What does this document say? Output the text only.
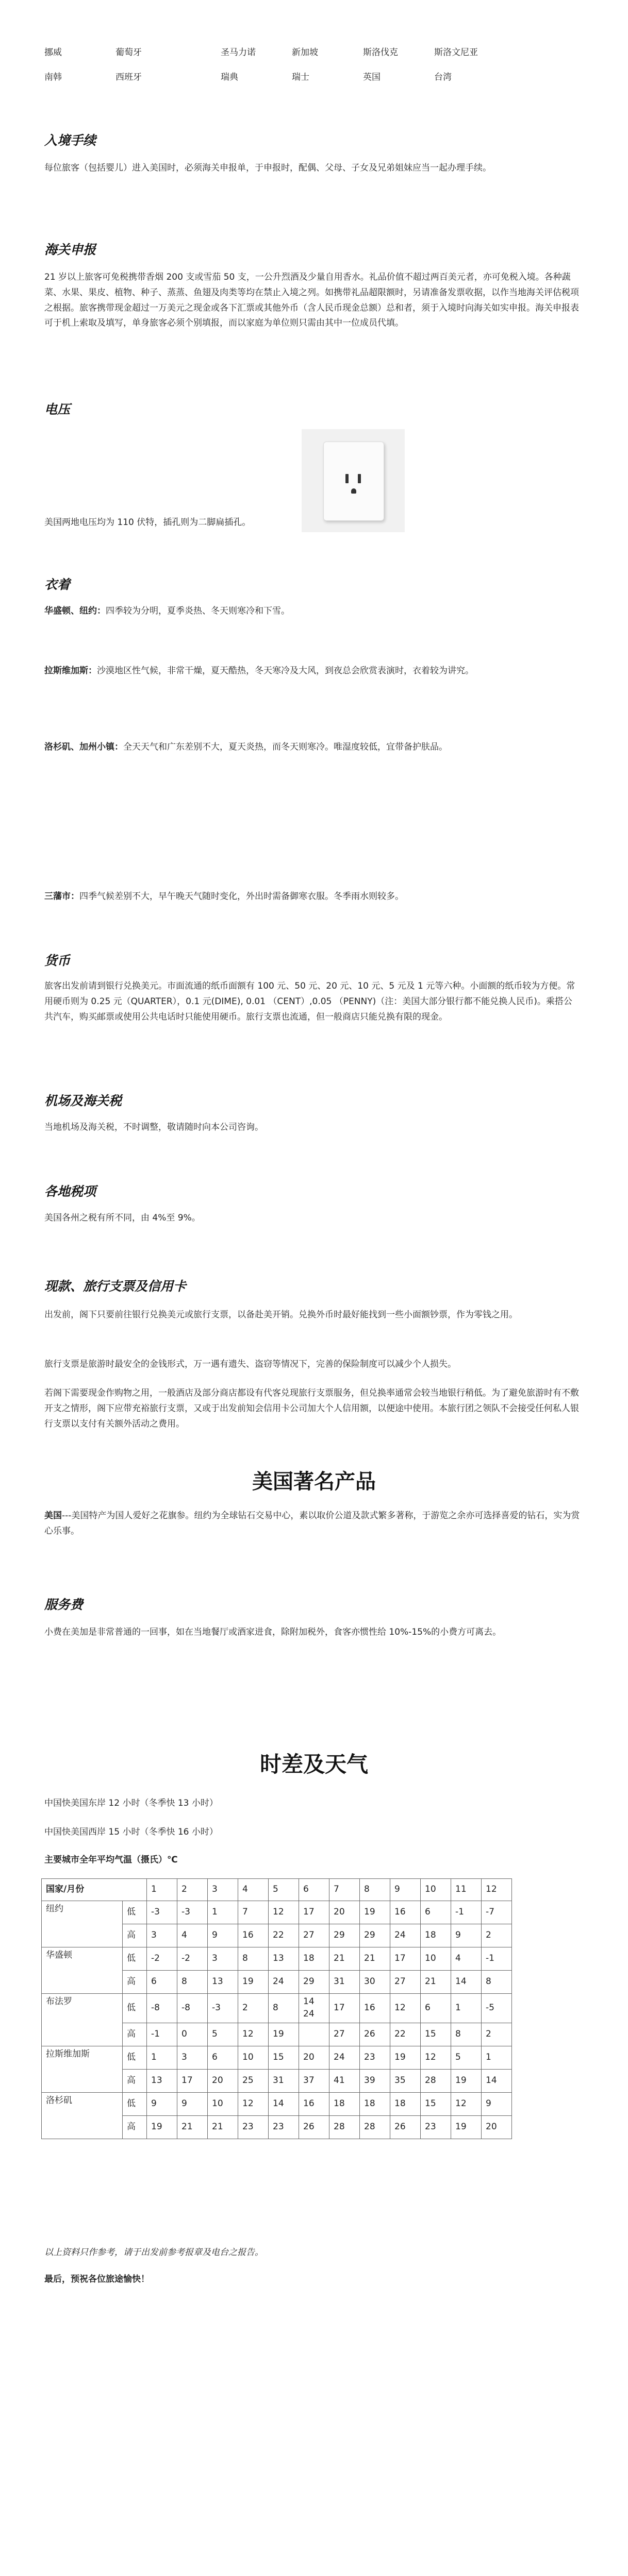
挪威	葡萄牙	圣马力诺	新加坡	斯洛伐克	斯洛文尼亚
南韩	西班牙	瑞典	瑞士	英国	台湾
入境手续

每位旅客（包括婴儿）进入美国时，必须海关申报单，于申报时，配偶、父母、子女及兄弟姐妹应当一起办理手续。

海关申报

21 岁以上旅客可免税携带香烟 200 支或雪茄 50 支，一公升烈酒及少量自用香水。礼品价值不超过两百美元者，亦可免税入境。各种蔬菜、水果、果皮、植物、种子、蒸蒸、鱼翅及肉类等均在禁止入境之列。如携带礼品超限额时，另请准备发票收据，以作当地海关评估税项之根据。旅客携带现金超过一万美元之现金或各下汇票或其他外币（含人民币现金总额）总和者，须于入境时向海关如实申报。海关申报表可于机上索取及填写，单身旅客必须个别填报，而以家庭为单位则只需由其中一位成员代填。

电压

美国两地电压均为 110 伏特，插孔则为二脚扁插孔。

衣着

华盛顿、纽约：四季较为分明，夏季炎热、冬天则寒冷和下雪。

拉斯维加斯：沙漠地区性气候，非常干燥，夏天酷热，冬天寒冷及大风，到夜总会欣赏表演时，衣着较为讲究。

洛杉矶、加州小镇：全天天气和广东差别不大，夏天炎热，而冬天则寒冷。唯湿度较低，宜带备护肤品。

三藩市：四季气候差别不大，早午晚天气随时变化，外出时需备御寒衣服。冬季雨水则较多。

货币

旅客出发前请到银行兑换美元。市面流通的纸币面额有 100 元、50 元、20 元、10 元、5 元及 1 元等六种。小面额的纸币较为方便。常用硬币则为 0.25 元（QUARTER），0.1 元(DIME), 0.01 （CENT）,0.05 （PENNY)（注：美国大部分银行都不能兑换人民币)。乘搭公共汽车，购买邮票或使用公共电话时只能使用硬币。旅行支票也流通，但一般商店只能兑换有限的现金。

机场及海关税

当地机场及海关税，不时调整，敬请随时向本公司咨询。

各地税项

美国各州之税有所不同，由 4%至 9%。

现款、旅行支票及信用卡

出发前，阁下只要前往银行兑换美元或旅行支票，以备赴美开销。兑换外币时最好能找到一些小面额钞票，作为零钱之用。

旅行支票是旅游时最安全的金钱形式，万一遇有遗失、盗窃等情况下，完善的保险制度可以减少个人损失。

若阁下需要现金作购物之用，一般酒店及部分商店都设有代客兑现旅行支票服务，但兑换率通常会较当地银行稍低。为了避免旅游时有不敷开支之情形，阁下应带充裕旅行支票，又或于出发前知会信用卡公司加大个人信用额，以便途中使用。本旅行团之领队不会接受任何私人银行支票以支付有关额外活动之费用。

美国著名产品

美国---美国特产为国人爱好之花旗参。纽约为全球钻石交易中心，素以取价公道及款式繁多著称，于游览之余亦可选择喜爱的钻石，实为赏心乐事。

服务费

小费在美加是非常普通的一回事，如在当地餐厅或酒家进食，除附加税外，食客亦惯性给 10%-15%的小费方可离去。

时差及天气

中国快美国东岸 12 小时（冬季快 13 小时）

中国快美国西岸 15 小时（冬季快 16 小时）

主要城市全年平均气温（摄氏）℃

国家/月份		1	2	3	4	5	6	7	8	9	10	11	12
纽约	低	-3	-3	1	7	12	17	20	19	16	6	-1	-7
	高	3	4	9	16	22	27	29	29	24	18	9	2
华盛顿	低	-2	-2	3	8	13	18	21	21	17	10	4	-1
	高	6	8	13	19	24	29	31	30	27	21	14	8
布法罗	低	-8	-8	-3	2	8	14 24	17	16	12	6	1	-5
	高	-1	0	5	12	19		27	26	22	15	8	2
拉斯维加斯	低	1	3	6	10	15	20	24	23	19	12	5	1
	高	13	17	20	25	31	37	41	39	35	28	19	14
洛杉矶	低	9	9	10	12	14	16	18	18	18	15	12	9
	高	19	21	21	23	23	26	28	28	26	23	19	20

以上资料只作参考，请于出发前参考报章及电台之报告。

最后，预祝各位旅途愉快！
